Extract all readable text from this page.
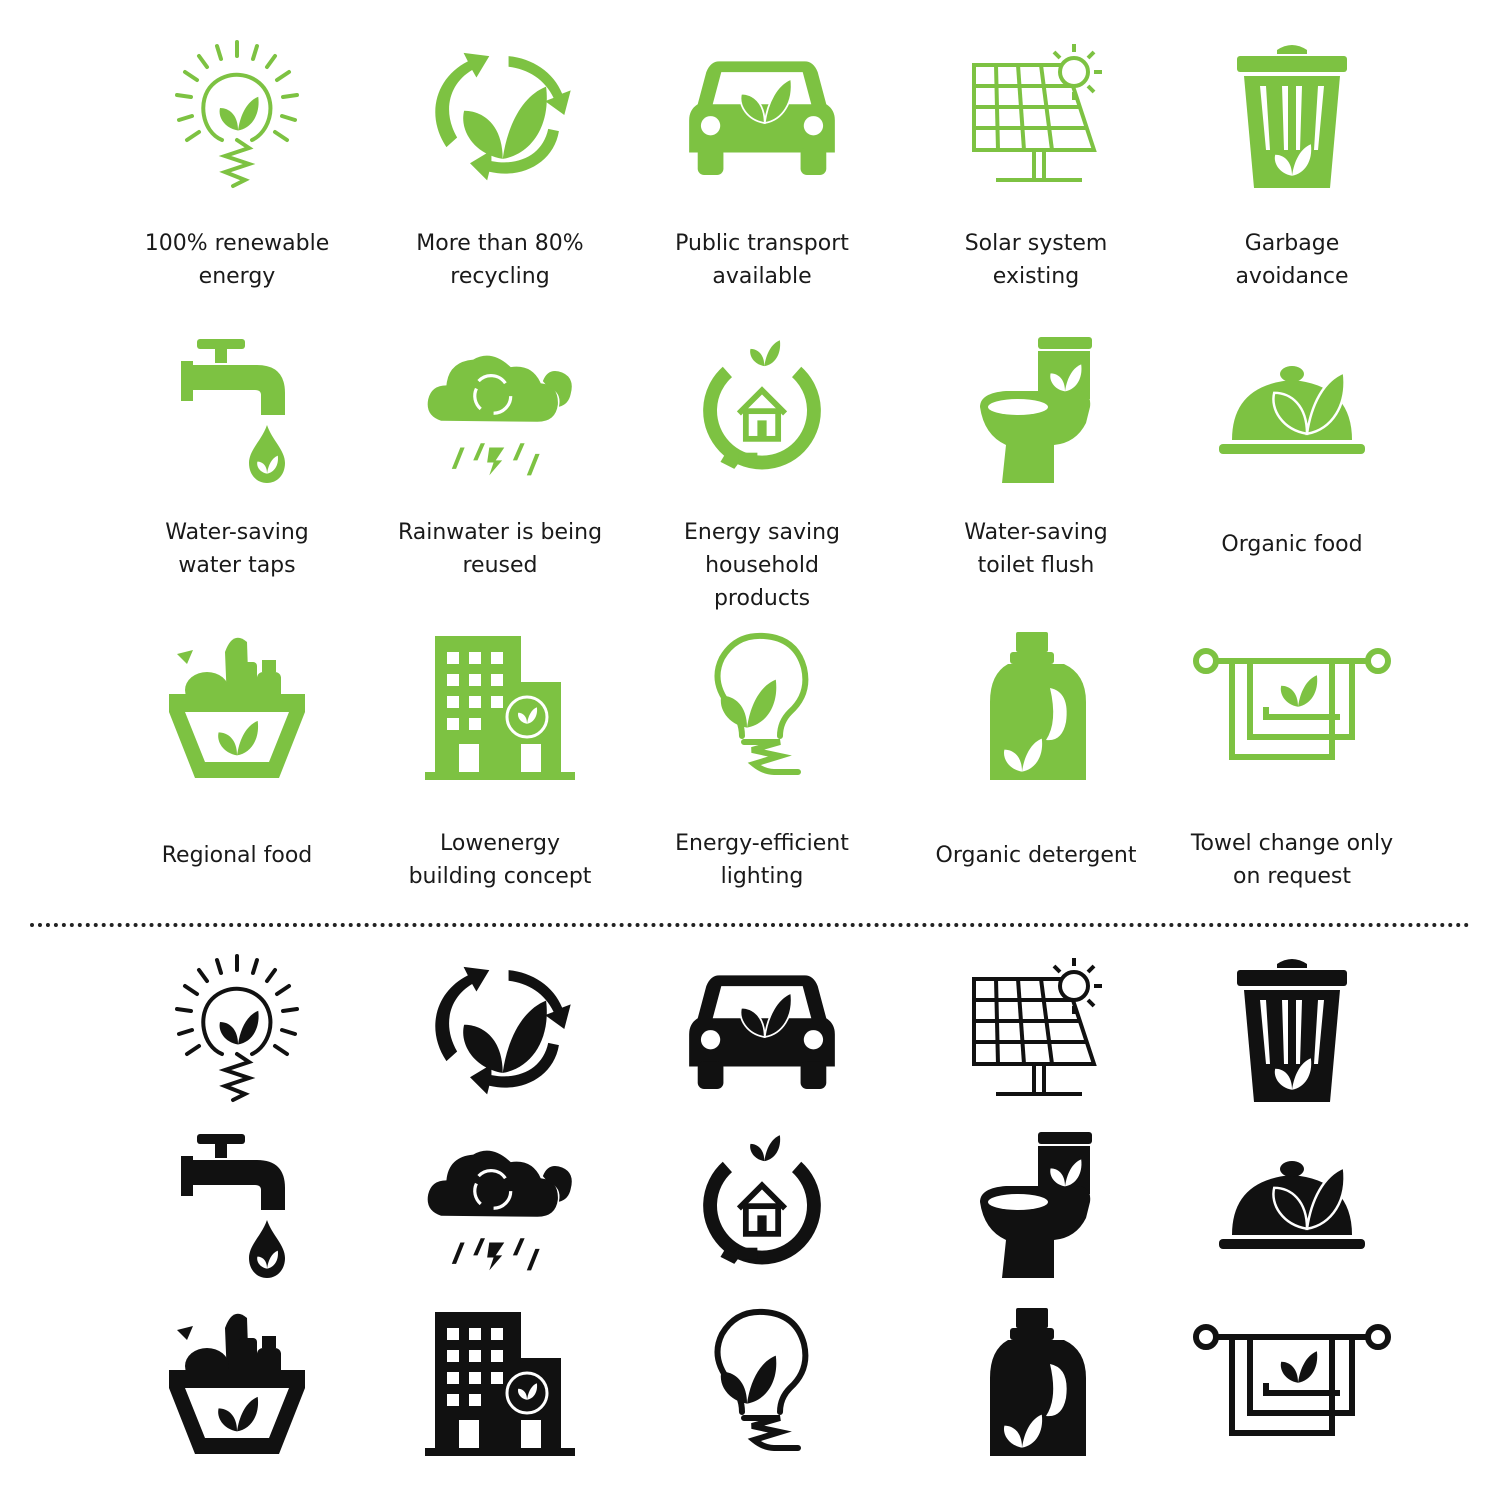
100% renewable
energy
More than 80%
recycling
Public transport
available
Solar system
existing
Garbage
avoidance
Water-saving
water taps
Rainwater is being
reused
Energy saving
household
products
Water-saving
toilet flush
Organic food
Regional food	Lowenergy
building concept
Energy-efficient
lighting
Organic detergent	Towel change only
on request
